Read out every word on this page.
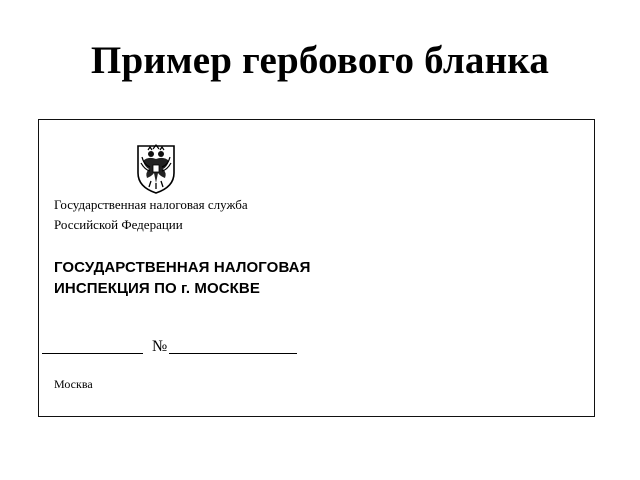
Пример гербового бланка
Государственная налоговая служба
Российской Федерации
ГОСУДАРСТВЕННАЯ НАЛОГОВАЯ
ИНСПЕКЦИЯ ПО г. МОСКВЕ
№
Москва
